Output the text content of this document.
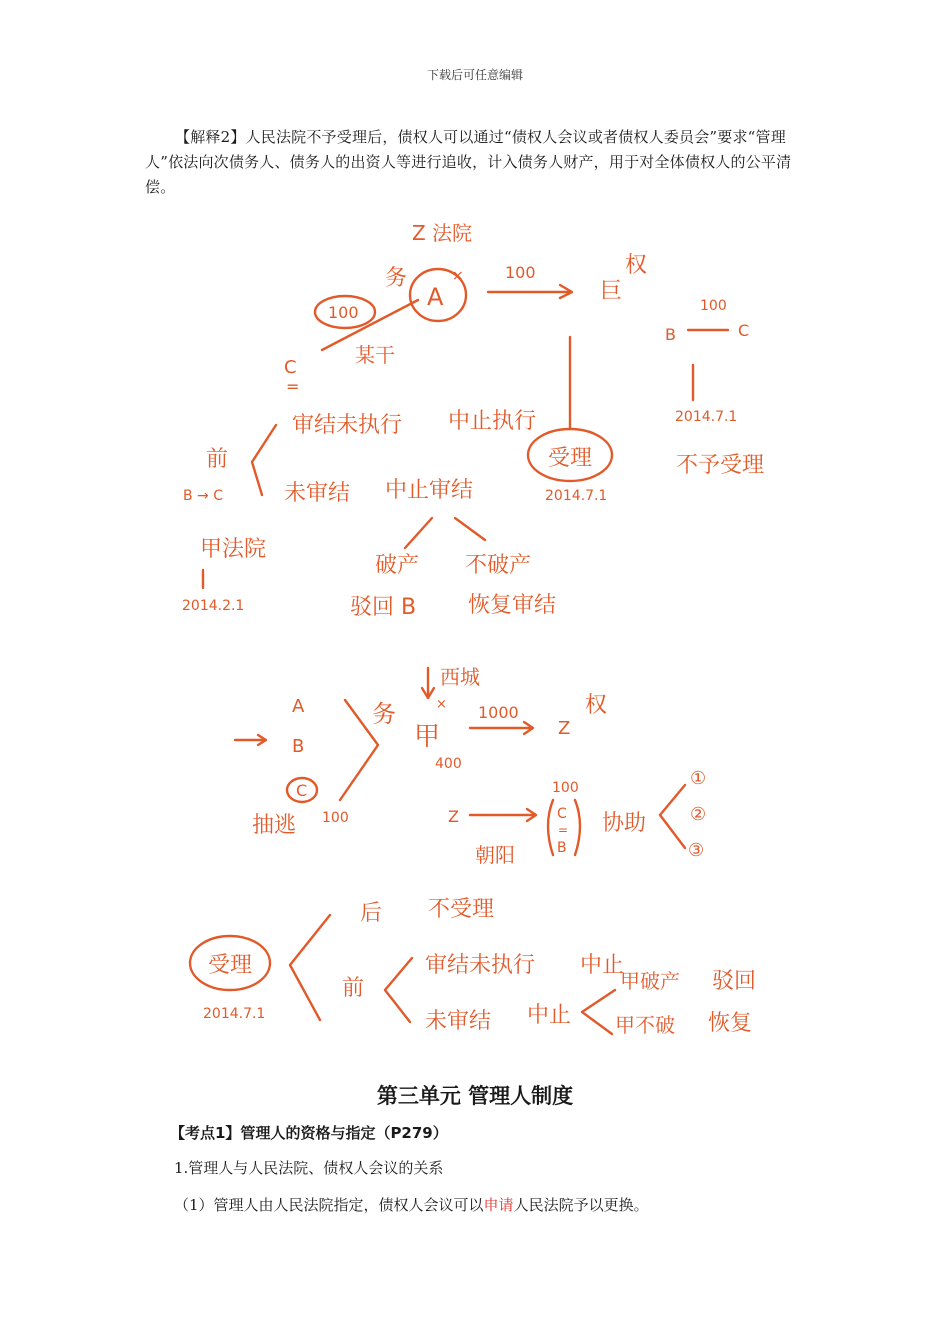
下载后可任意编辑
【解释2】人民法院不予受理后，债权人可以通过“债权人会议或者债权人委员会”要求“管理人”依法向次债务人、债务人的出资人等进行追收，计入债务人财产，用于对全体债权人的公平清偿。
Z 法院
务
A
×	100
巨
权
100
某干
C
=
前
审结未执行 中止执行
未审结 中止审结
受理
2014.7.1
100
B	C
2014.7.1
不予受理
B → C
甲法院
2014.2.1
破产 不破产
驳回 B 恢复审结
西城
A
B
C
务	×
甲
400
1000
Z
权
抽逃 100	Z
朝阳
100
C
=
B
协助
①
②
③
后 不受理
受理
2014.7.1
前
审结未执行 中止
未审结 中止
甲破产 驳回
甲不破 恢复
第三单元 管理人制度
【考点1】管理人的资格与指定（P279）
1.管理人与人民法院、债权人会议的关系
（1）管理人由人民法院指定，债权人会议可以申请人民法院予以更换。
